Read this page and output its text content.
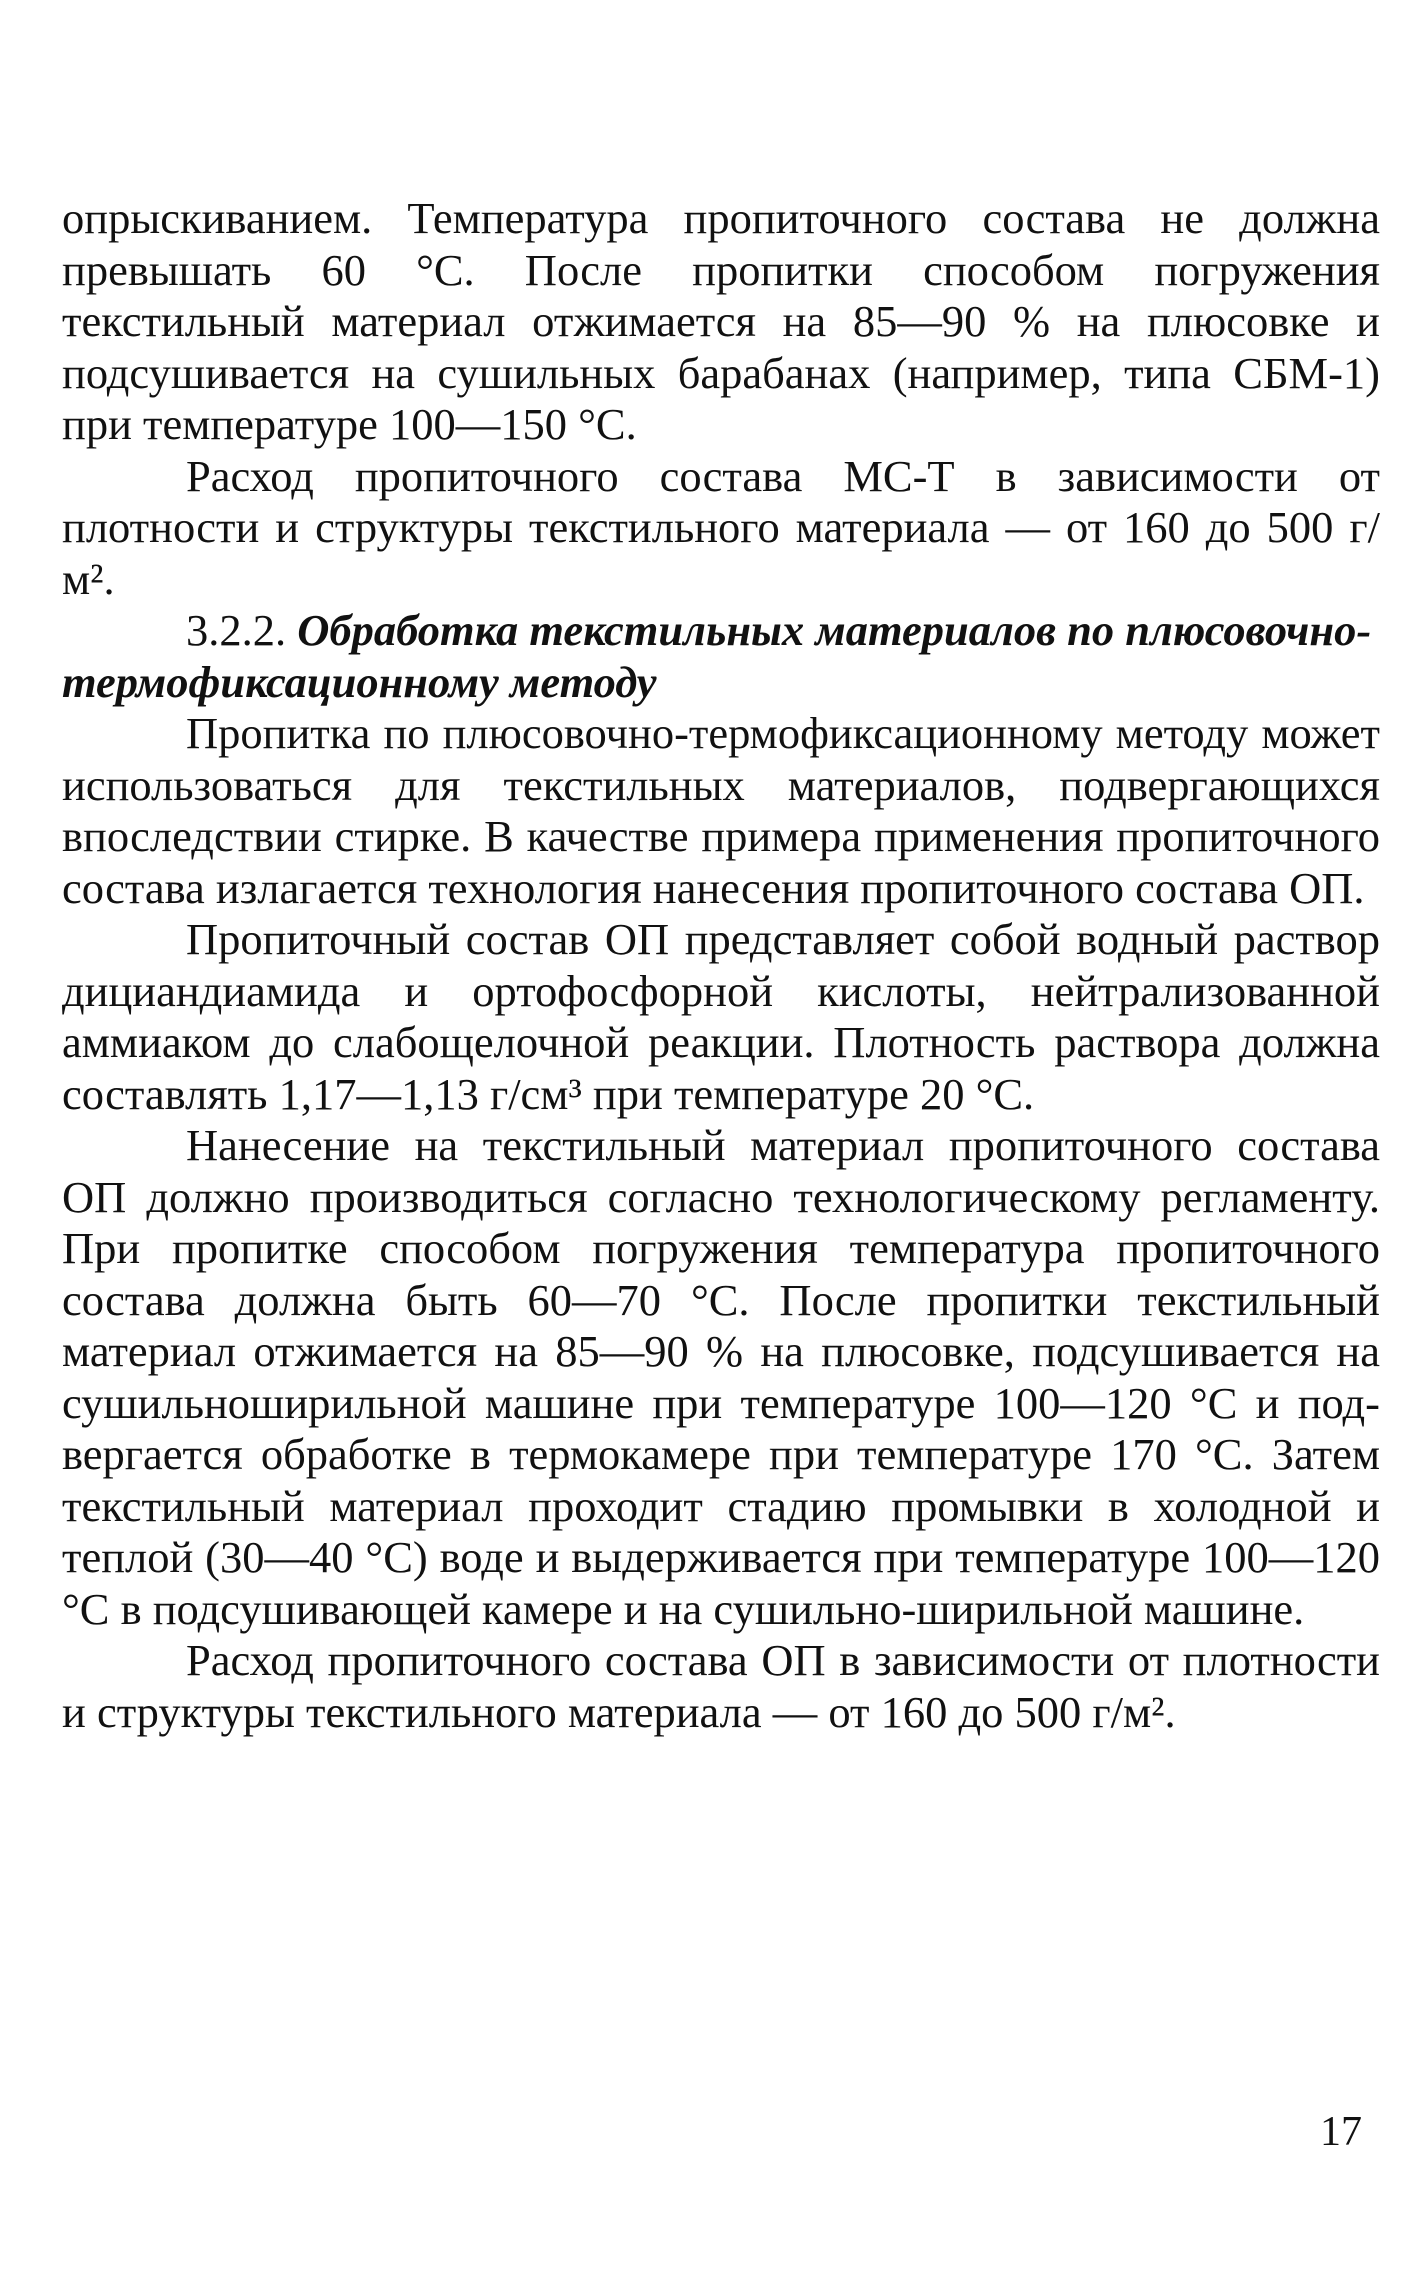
опрыскиванием. Температура пропиточного состава не должна превышать 60 °С. После пропитки способом погружения текстильный материал отжимается на 85—90 % на плюсовке и подсушивается на сушильных барабанах (например, типа СБМ-1) при температуре 100—150 °С.

Расход пропиточного состава МС-Т в зависимости от плотности и структуры текстильного материала — от 160 до 500 г/м².

3.2.2. Обработка текстильных материалов по плюсовочно-термофиксационному методу

Пропитка по плюсовочно-термофиксационному методу может использоваться для текстильных материалов, подвергающихся впоследствии стирке. В качестве примера применения пропиточного состава излагается технология нанесения пропиточного состава ОП.

Пропиточный состав ОП представляет собой водный раствор дициандиамида и ортофосфорной кислоты, нейтрализованной аммиаком до слабощелочной реакции. Плотность раствора должна составлять 1,17—1,13 г/см³ при температуре 20 °С.

Нанесение на текстильный материал пропиточного состава ОП должно производиться согласно технологическому регламенту. При пропитке способом погружения температура пропиточного состава должна быть 60—70 °С. После пропитки текстильный материал отжимается на 85—90 % на плюсовке, подсушивается на сушильноширильной машине при температуре 100—120 °С и подвергается обработке в термокамере при температуре 170 °С. Затем текстильный материал проходит стадию промывки в холодной и теплой (30—40 °С) воде и выдерживается при температуре 100—120 °С в подсушивающей камере и на сушильно-ширильной машине.

Расход пропиточного состава ОП в зависимости от плотности и структуры текстильного материала — от 160 до 500 г/м².

17
